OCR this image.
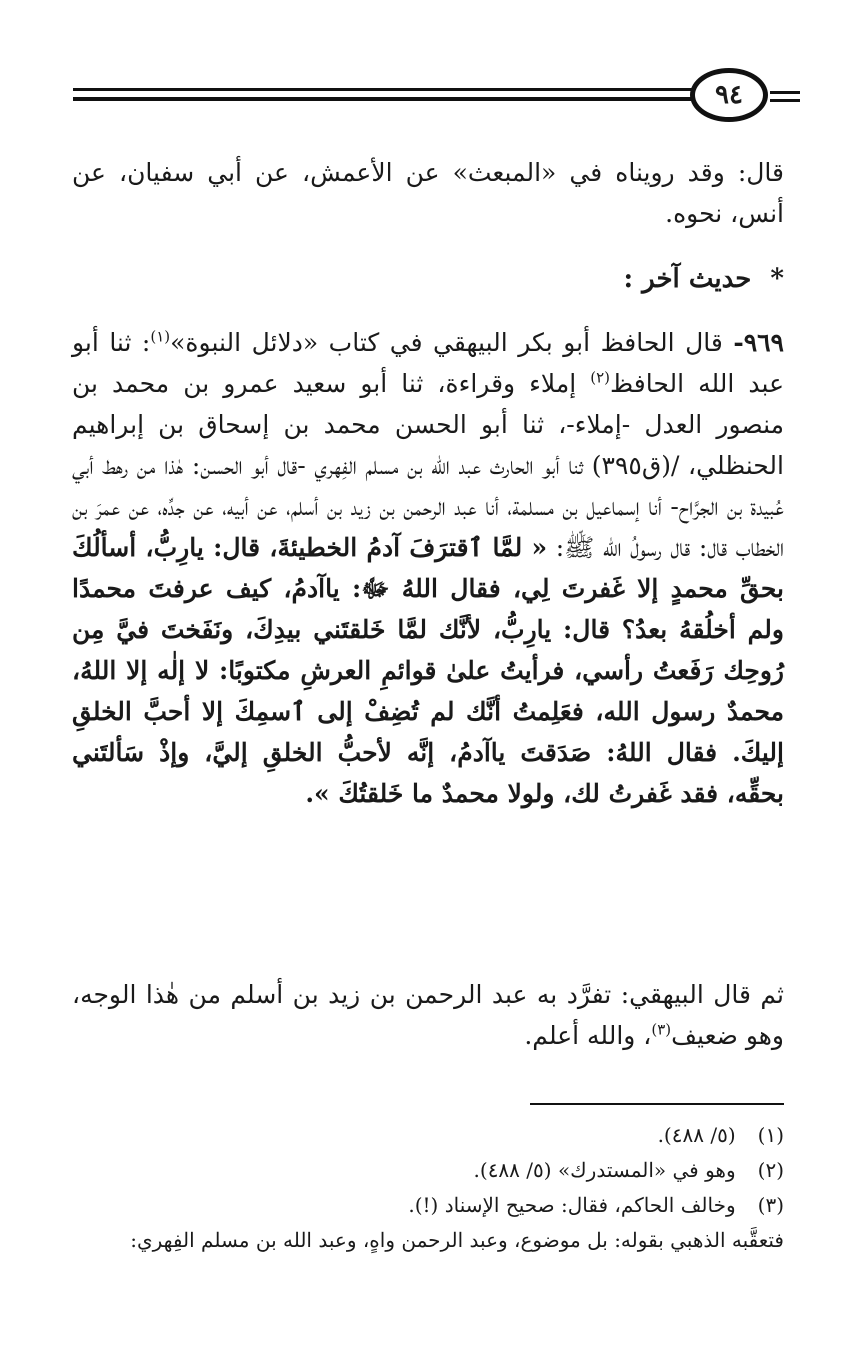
٩٤

قال: وقد رويناه في «المبعث» عن الأعمش، عن أبي سفيان، عن أنس، نحوه.

* حديث آخر :

٩٦٩- قال الحافظ أبو بكر البيهقي في كتاب «دلائل النبوة»$^{(١)}$: ثنا أبو عبد الله الحافظ$^{(٢)}$ إملاء وقراءة، ثنا أبو سعيد عمرو بن محمد بن منصور العدل -إملاء-، ثنا أبو الحسن محمد بن إسحاق بن إبراهيم الحنظلي، /(ق٣٩٥) ثنا أبو الحارث عبد الله بن مسلم الفِهري -قال أبو الحسن: هٰذا من رهط أبي عُبيدة بن الجرَّاح- أنا إسماعيل بن مسلمة، أنا عبد الرحمن بن زيد بن أسلم، عن أبيه، عن جدِّه، عن عمرَ بن الخطاب قال: قال رسولُ الله ﷺ: « لمَّا ٱقترَفَ آدمُ الخطيئةَ، قال: يارِبُّ، أسألُكَ بحقِّ محمدٍ إلا غَفرتَ لِي، فقال اللهُ ﷻ: ياآدمُ، كيف عرفتَ محمدًا ولم أخلُقهُ بعدُ؟ قال: يارِبُّ، لأنَّك لمَّا خَلقتَني بيدِكَ، ونَفَختَ فيَّ مِن رُوحِك رَفَعتُ رأسي، فرأيتُ علىٰ قوائمِ العرشِ مكتوبًا: لا إلٰه إلا اللهُ، محمدٌ رسول الله، فعَلِمتُ أنَّك لم تُضِفْ إلى ٱسمِكَ إلا أحبَّ الخلقِ إليكَ. فقال اللهُ: صَدَقتَ ياآدمُ، إنَّه لأحبُّ الخلقِ إليَّ، وإذْ سَألتَني بحقِّه، فقد غَفرتُ لك، ولولا محمدٌ ما خَلقتُكَ ».

ثم قال البيهقي: تفرَّد به عبد الرحمن بن زيد بن أسلم من هٰذا الوجه، وهو ضعيف$^{(٣)}$، والله أعلم.

(١) (٥/ ٤٨٨).

(٢) وهو في «المستدرك» (٥/ ٤٨٨).

(٣) وخالف الحاكم، فقال: صحيح الإسناد (!).

فتعقَّبه الذهبي بقوله: بل موضوع، وعبد الرحمن واهٍ، وعبد الله بن مسلم الفِهري:
